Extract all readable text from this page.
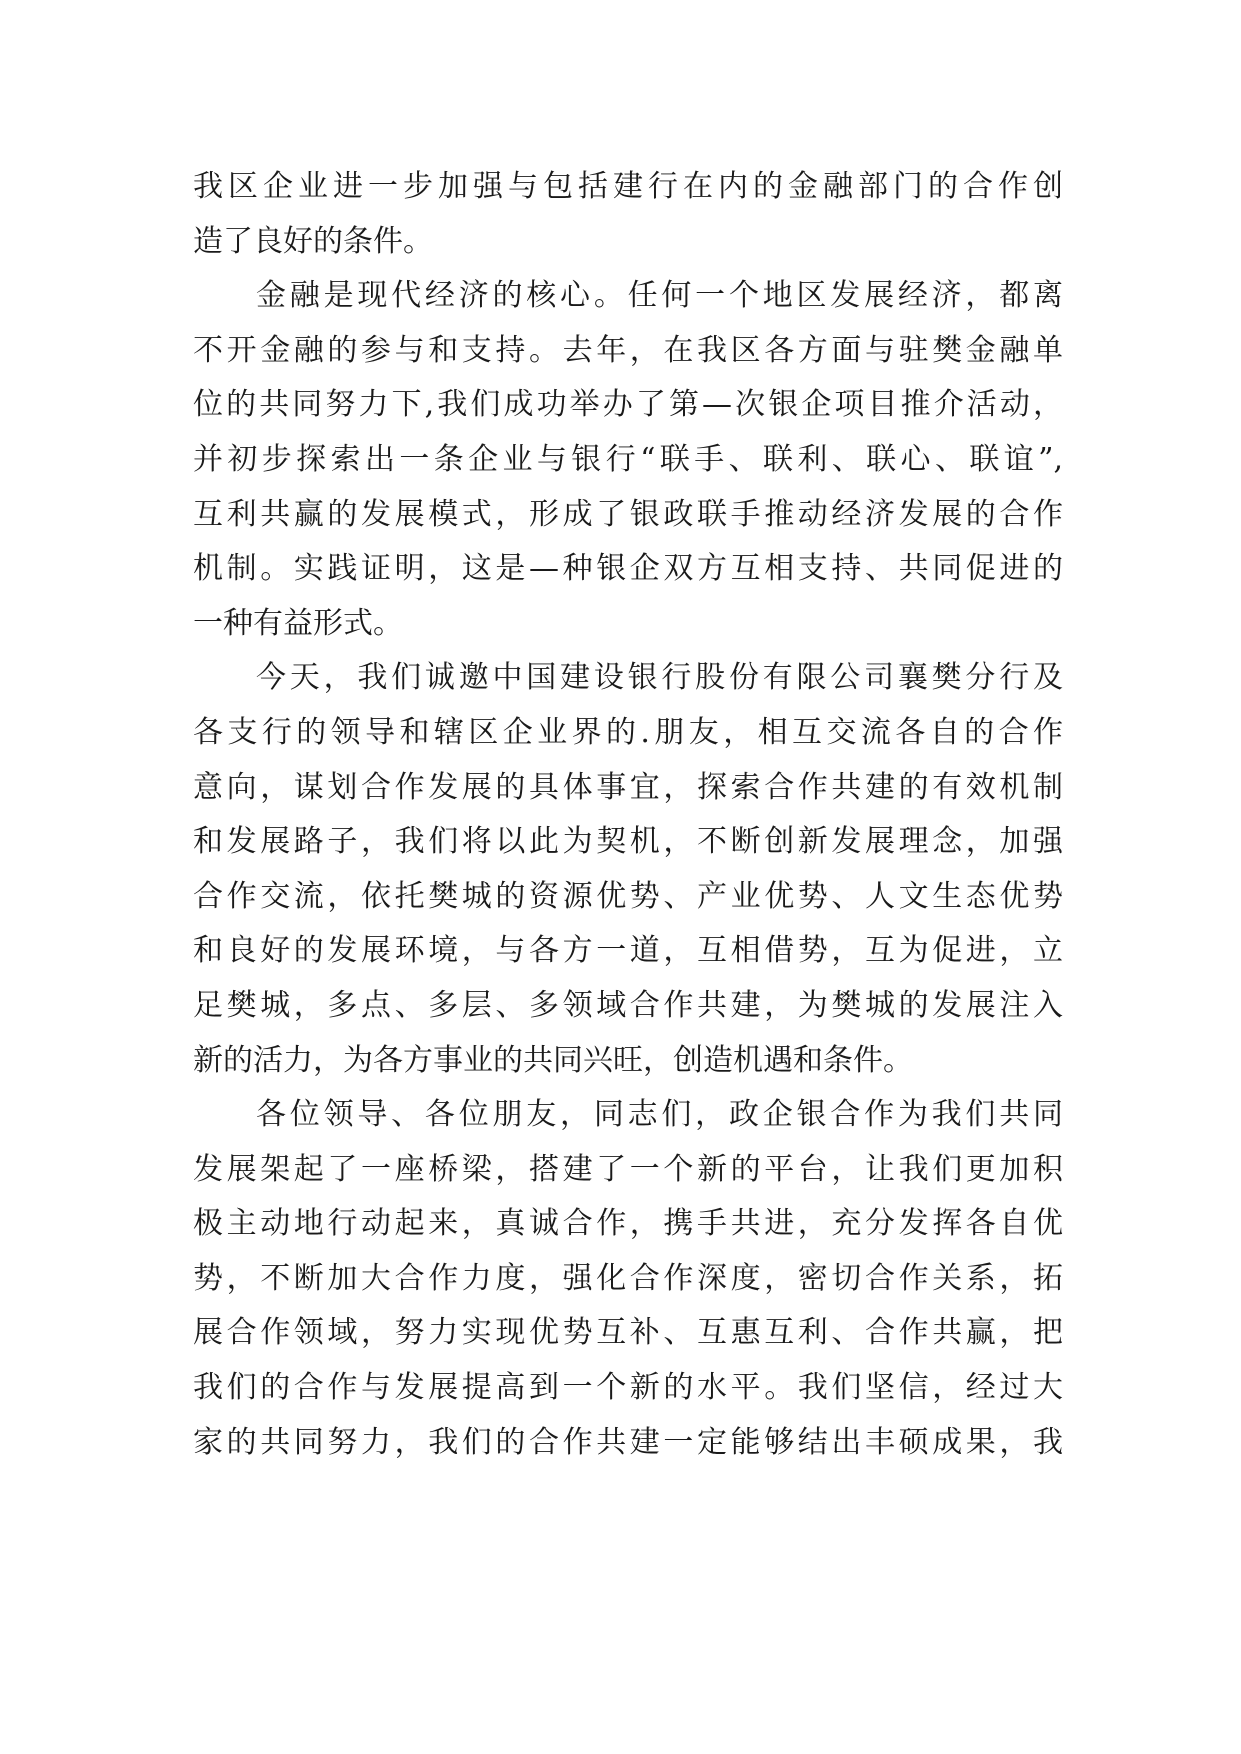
我区企业进一步加强与包括建行在内的金融部门的合作创
造了良好的条件。
金融是现代经济的核心。任何一个地区发展经济，都离
不开金融的参与和支持。去年，在我区各方面与驻樊金融单
位的共同努力下,我们成功举办了第—次银企项目推介活动，
并初步探索出一条企业与银行“联手、联利、联心、联谊”,
互利共赢的发展模式，形成了银政联手推动经济发展的合作
机制。实践证明，这是—种银企双方互相支持、共同促进的
一种有益形式。
今天，我们诚邀中国建设银行股份有限公司襄樊分行及
各支行的领导和辖区企业界的.朋友，相互交流各自的合作
意向，谋划合作发展的具体事宜，探索合作共建的有效机制
和发展路子，我们将以此为契机，不断创新发展理念，加强
合作交流，依托樊城的资源优势、产业优势、人文生态优势
和良好的发展环境，与各方一道，互相借势，互为促进，立
足樊城，多点、多层、多领域合作共建，为樊城的发展注入
新的活力，为各方事业的共同兴旺，创造机遇和条件。
各位领导、各位朋友，同志们，政企银合作为我们共同
发展架起了一座桥梁，搭建了一个新的平台，让我们更加积
极主动地行动起来，真诚合作，携手共进，充分发挥各自优
势，不断加大合作力度，强化合作深度，密切合作关系，拓
展合作领域，努力实现优势互补、互惠互利、合作共赢，把
我们的合作与发展提高到一个新的水平。我们坚信，经过大
家的共同努力，我们的合作共建一定能够结出丰硕成果，我
